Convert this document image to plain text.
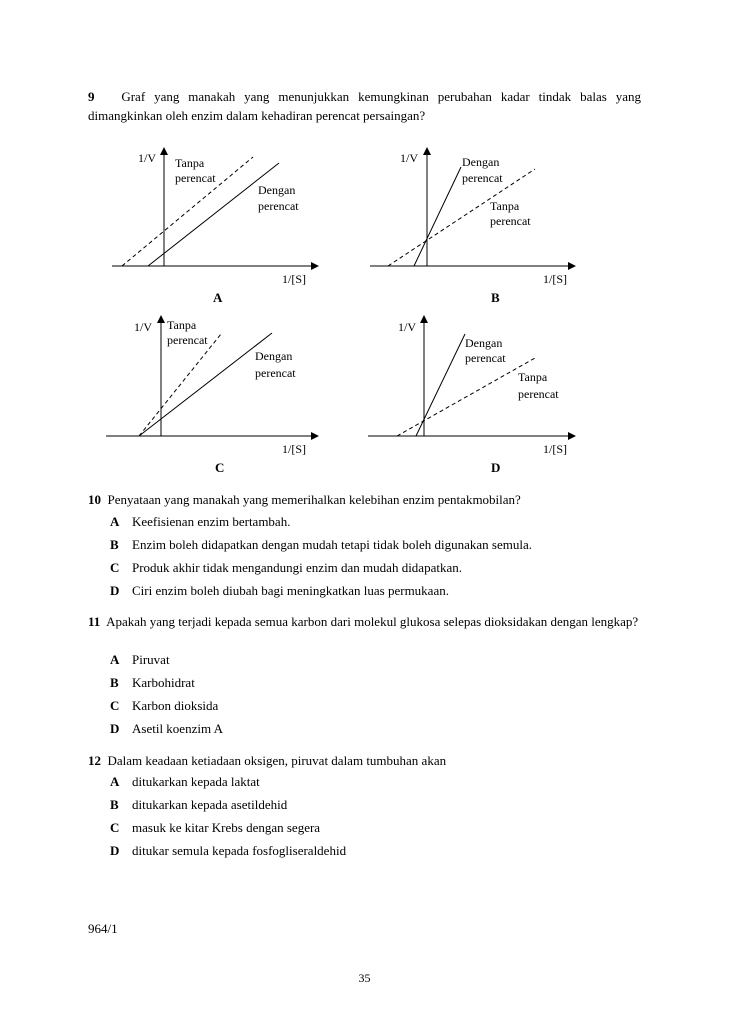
9 Graf yang manakah yang menunjukkan kemungkinan perubahan kadar tindak balas yang dimangkinkan oleh enzim dalam kehadiran perencat persaingan?
1/V
1/[S]
Tanpa
perencat
Dengan
perencat
A
1/V
1/[S]
Dengan
perencat
Tanpa
perencat
B
1/V
1/[S]
Tanpa
perencat
Dengan
perencat
C
1/V
1/[S]
Dengan
perencat
Tanpa
perencat
D
10 Penyataan yang manakah yang memerihalkan kelebihan enzim pentakmobilan?
A Keefisienan enzim bertambah.
B Enzim boleh didapatkan dengan mudah tetapi tidak boleh digunakan semula.
C Produk akhir tidak mengandungi enzim dan mudah didapatkan.
D Ciri enzim boleh diubah bagi meningkatkan luas permukaan.
11 Apakah yang terjadi kepada semua karbon dari molekul glukosa selepas dioksidakan dengan lengkap?
A Piruvat
B Karbohidrat
C Karbon dioksida
D Asetil koenzim A
12 Dalam keadaan ketiadaan oksigen, piruvat dalam tumbuhan akan
A ditukarkan kepada laktat
B ditukarkan kepada asetildehid
C masuk ke kitar Krebs dengan segera
D ditukar semula kepada fosfogliseraldehid
964/1
35
